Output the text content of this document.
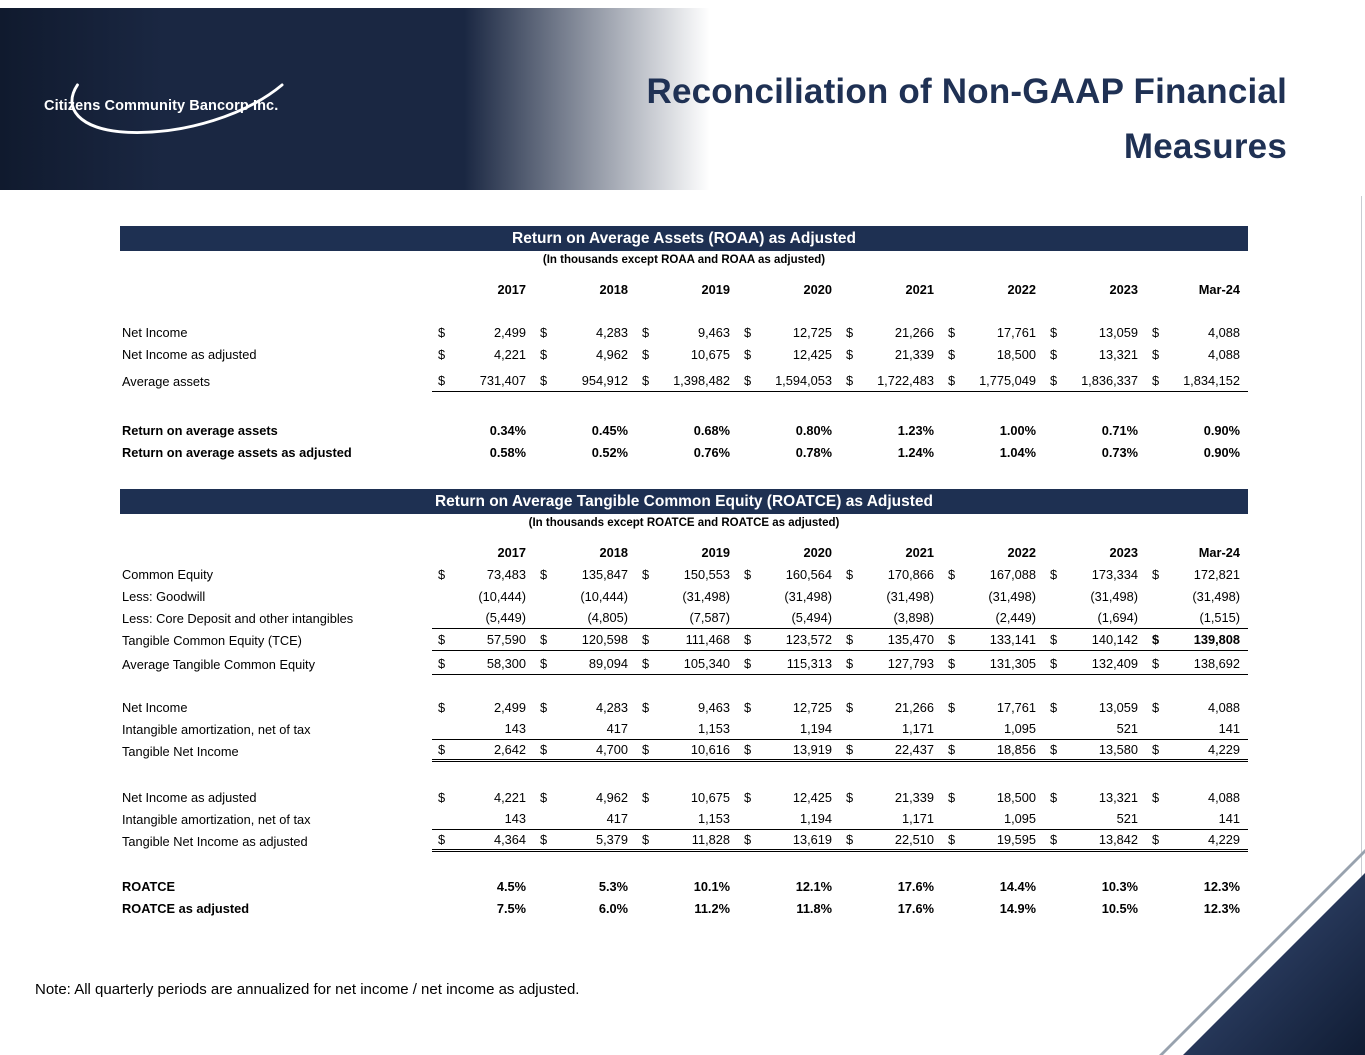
Citizens Community Bancorp Inc.	Reconciliation of Non-GAAP Financial
Measures
Return on Average Assets (ROAA) as Adjusted
(In thousands except ROAA and ROAA as adjusted)
2017	2018	2019	2020	2021	2022	2023	Mar-24
Net Income	$	2,499 $	4,283 $	9,463 $	12,725 $	21,266 $	17,761 $	13,059 $	4,088
Net Income as adjusted	$	4,221 $	4,962 $	10,675 $	12,425 $	21,339 $	18,500 $	13,321 $	4,088
Average assets	$	731,407 $	954,912 $ 1,398,482 $ 1,594,053 $ 1,722,483 $ 1,775,049 $ 1,836,337 $ 1,834,152
Return on average assets	0.34%	0.45%	0.68%	0.80%	1.23%	1.00%	0.71%	0.90%
Return on average assets as adjusted	0.58%	0.52%	0.76%	0.78%	1.24%	1.04%	0.73%	0.90%
Return on Average Tangible Common Equity (ROATCE) as Adjusted
(In thousands except ROATCE and ROATCE as adjusted)
2017	2018	2019	2020	2021	2022	2023	Mar-24
Common Equity	$	73,483 $	135,847 $	150,553 $	160,564 $	170,866 $	167,088 $	173,334 $	172,821
Less: Goodwill	(10,444)	(10,444)	(31,498)	(31,498)	(31,498)	(31,498)	(31,498)	(31,498)
Less: Core Deposit and other intangibles	(5,449)	(4,805)	(7,587)	(5,494)	(3,898)	(2,449)	(1,694)	(1,515)
Tangible Common Equity (TCE)	$	57,590 $	120,598 $	111,468 $	123,572 $	135,470 $	133,141 $	140,142 $	139,808
Average Tangible Common Equity	$	58,300 $	89,094 $	105,340 $	115,313 $	127,793 $	131,305 $	132,409 $	138,692
Net Income	$	2,499 $	4,283 $	9,463 $	12,725 $	21,266 $	17,761 $	13,059 $	4,088
Intangible amortization, net of tax	143	417	1,153	1,194	1,171	1,095	521	141
Tangible Net Income	$	2,642 $	4,700 $	10,616 $	13,919 $	22,437 $	18,856 $	13,580 $	4,229
Net Income as adjusted	$	4,221 $	4,962 $	10,675 $	12,425 $	21,339 $	18,500 $	13,321 $	4,088
Intangible amortization, net of tax	143	417	1,153	1,194	1,171	1,095	521	141
Tangible Net Income as adjusted	$	4,364 $	5,379 $	11,828 $	13,619 $	22,510 $	19,595 $	13,842 $	4,229
ROATCE	4.5%	5.3%	10.1%	12.1%	17.6%	14.4%	10.3%	12.3%
ROATCE as adjusted	7.5%	6.0%	11.2%	11.8%	17.6%	14.9%	10.5%	12.3%
Note: All quarterly periods are annualized for net income / net income as adjusted.
